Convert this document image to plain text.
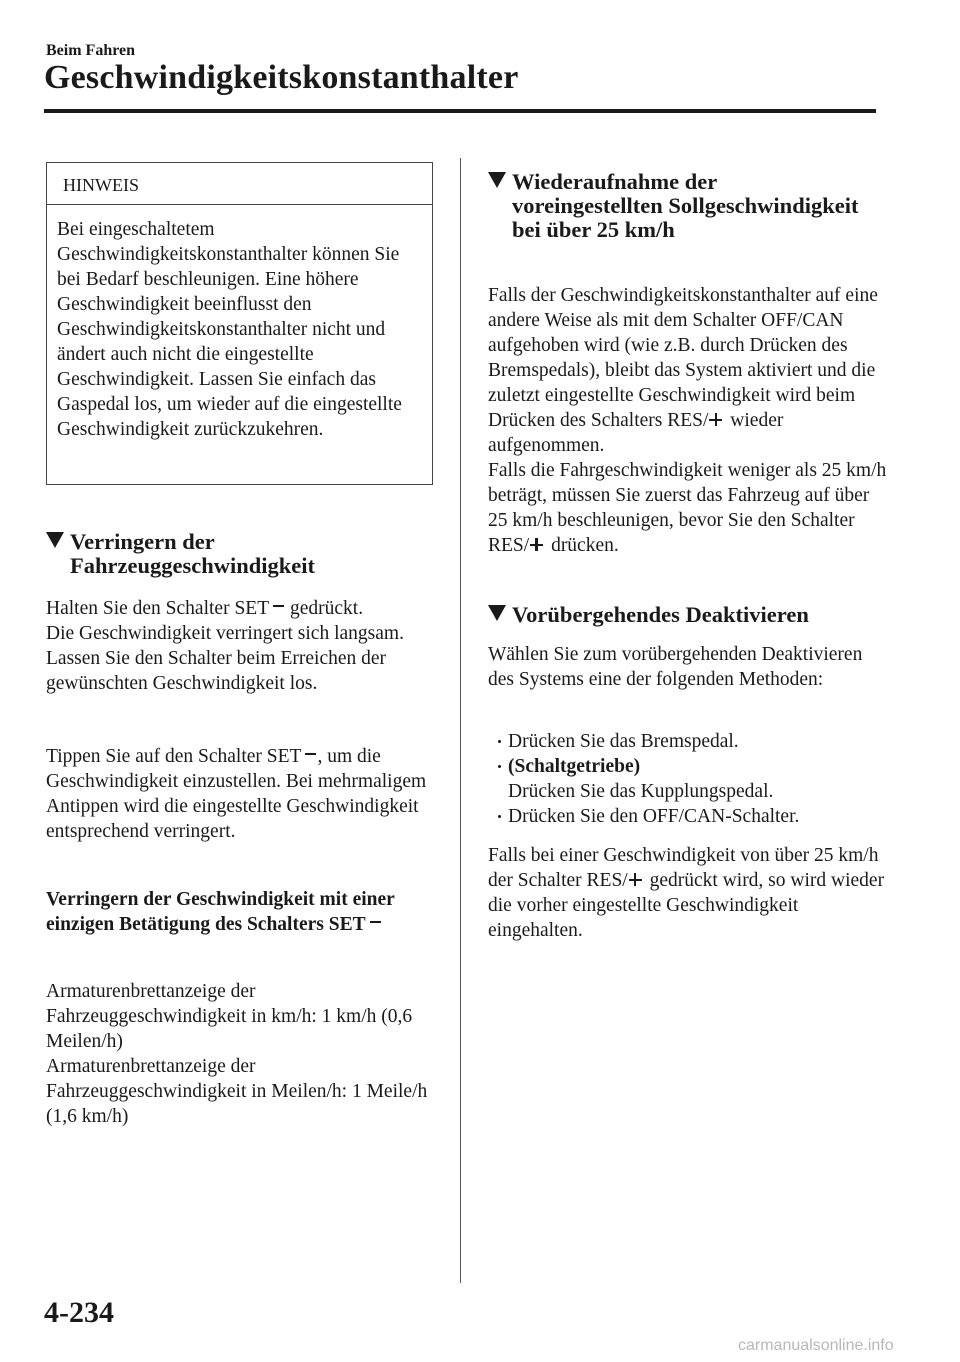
Beim Fahren
Geschwindigkeitskonstanthalter
HINWEIS
Bei eingeschaltetem Geschwindigkeitskonstanthalter können Sie bei Bedarf beschleunigen. Eine höhere Geschwindigkeit beeinflusst den Geschwindigkeitskonstanthalter nicht und ändert auch nicht die eingestellte Geschwindigkeit. Lassen Sie einfach das Gaspedal los, um wieder auf die eingestellte Geschwindigkeit zurückzukehren.
Verringern der Fahrzeuggeschwindigkeit
Halten Sie den Schalter SET gedrückt.
Die Geschwindigkeit verringert sich langsam.
Lassen Sie den Schalter beim Erreichen der gewünschten Geschwindigkeit los.
Tippen Sie auf den Schalter SET , um die Geschwindigkeit einzustellen. Bei mehrmaligem Antippen wird die eingestellte Geschwindigkeit entsprechend verringert.
Verringern der Geschwindigkeit mit einer einzigen Betätigung des Schalters SET
Armaturenbrettanzeige der Fahrzeuggeschwindigkeit in km/h: 1 km/h (0,6 Meilen/h)
Armaturenbrettanzeige der Fahrzeuggeschwindigkeit in Meilen/h: 1 Meile/h (1,6 km/h)
Wiederaufnahme der voreingestellten Sollgeschwindigkeit bei über 25 km/h
Falls der Geschwindigkeitskonstanthalter auf eine andere Weise als mit dem Schalter OFF/CAN aufgehoben wird (wie z.B. durch Drücken des Bremspedals), bleibt das System aktiviert und die zuletzt eingestellte Geschwindigkeit wird beim Drücken des Schalters RES/ wieder aufgenommen.
Falls die Fahrgeschwindigkeit weniger als 25 km/h beträgt, müssen Sie zuerst das Fahrzeug auf über 25 km/h beschleunigen, bevor Sie den Schalter RES/ drücken.
Vorübergehendes Deaktivieren
Wählen Sie zum vorübergehenden Deaktivieren des Systems eine der folgenden Methoden:
Drücken Sie das Bremspedal.
(Schaltgetriebe)
Drücken Sie das Kupplungspedal.
Drücken Sie den OFF/CAN-Schalter.
Falls bei einer Geschwindigkeit von über 25 km/h der Schalter RES/ gedrückt wird, so wird wieder die vorher eingestellte Geschwindigkeit eingehalten.
4-234
carmanualsonline.info
